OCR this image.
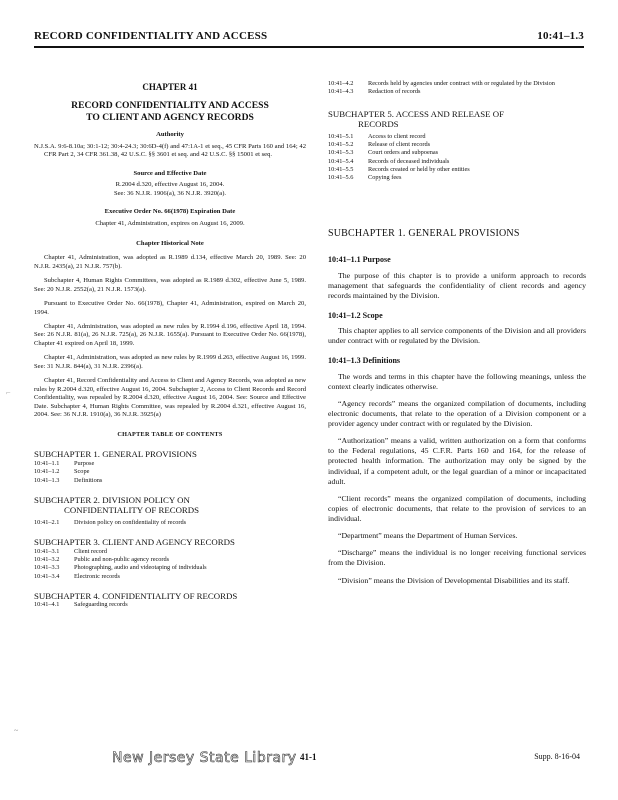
RECORD CONFIDENTIALITY AND ACCESS	10:41–1.3
CHAPTER 41
RECORD CONFIDENTIALITY AND ACCESS
TO CLIENT AND AGENCY RECORDS
Authority
N.J.S.A. 9:6-8.10a; 30:1-12; 30:4-24.3; 30:6D-4(f) and 47:1A-1 et seq., 45 CFR Parts 160 and 164; 42 CFR Part 2, 34 CFR 361.38, 42 U.S.C. §§ 3601 et seq. and 42 U.S.C. §§ 15001 et seq.
Source and Effective Date
R.2004 d.320, effective August 16, 2004.
See: 36 N.J.R. 1906(a), 36 N.J.R. 3920(a).
Executive Order No. 66(1978) Expiration Date
Chapter 41, Administration, expires on August 16, 2009.
Chapter Historical Note
Chapter 41, Administration, was adopted as R.1989 d.134, effective March 20, 1989. See: 20 N.J.R. 2435(a), 21 N.J.R. 757(b).
Subchapter 4, Human Rights Committees, was adopted as R.1989 d.302, effective June 5, 1989. See: 20 N.J.R. 2552(a), 21 N.J.R. 1573(a).
Pursuant to Executive Order No. 66(1978), Chapter 41, Administration, expired on March 20, 1994.
Chapter 41, Administration, was adopted as new rules by R.1994 d.196, effective April 18, 1994. See: 26 N.J.R. 81(a), 26 N.J.R. 725(a), 26 N.J.R. 1655(a). Pursuant to Executive Order No. 66(1978), Chapter 41 expired on April 18, 1999.
Chapter 41, Administration, was adopted as new rules by R.1999 d.263, effective August 16, 1999. See: 31 N.J.R. 844(a), 31 N.J.R. 2396(a).
Chapter 41, Record Confidentiality and Access to Client and Agency Records, was adopted as new rules by R.2004 d.320, effective August 16, 2004. Subchapter 2, Access to Client Records and Record Confidentiality, was repealed by R.2004 d.320, effective August 16, 2004. See: Source and Effective Date. Subchapter 4, Human Rights Committee, was repealed by R.2004 d.321, effective August 16, 2004. See: 36 N.J.R. 1910(a), 36 N.J.R. 3925(a)
CHAPTER TABLE OF CONTENTS
SUBCHAPTER 1. GENERAL PROVISIONS
10:41–1.1	Purpose
10:41–1.2	Scope
10:41–1.3	Definitions
SUBCHAPTER 2. DIVISION POLICY ON
CONFIDENTIALITY OF RECORDS
10:41–2.1	Division policy on confidentiality of records
SUBCHAPTER 3. CLIENT AND AGENCY RECORDS
10:41–3.1	Client record
10:41–3.2	Public and non-public agency records
10:41–3.3	Photographing, audio and videotaping of individuals
10:41–3.4	Electronic records
SUBCHAPTER 4. CONFIDENTIALITY OF RECORDS
10:41–4.1	Safeguarding records
10:41–4.2	Records held by agencies under contract with or regulated by the Division
10:41–4.3	Redaction of records
SUBCHAPTER 5. ACCESS AND RELEASE OF
RECORDS
10:41–5.1	Access to client record
10:41–5.2	Release of client records
10:41–5.3	Court orders and subpoenas
10:41–5.4	Records of deceased individuals
10:41–5.5	Records created or held by other entities
10:41–5.6	Copying fees
SUBCHAPTER 1. GENERAL PROVISIONS
10:41–1.1 Purpose
The purpose of this chapter is to provide a uniform approach to records management that safeguards the confidentiality of client records and agency records maintained by the Division.
10:41–1.2 Scope
This chapter applies to all service components of the Division and all providers under contract with or regulated by the Division.
10:41–1.3 Definitions
The words and terms in this chapter have the following meanings, unless the context clearly indicates otherwise.
“Agency records” means the organized compilation of documents, including electronic documents, that relate to the operation of a Division component or a provider agency under contract with or regulated by the Division.
“Authorization” means a valid, written authorization on a form that conforms to the Federal regulations, 45 C.F.R. Parts 160 and 164, for the release of protected health information. The authorization may only be signed by the individual, if a competent adult, or the legal guardian of a minor or incapacitated adult.
“Client records” means the organized compilation of documents, including copies of electronic documents, that relate to the provision of services to an individual.
“Department” means the Department of Human Services.
“Discharge” means the individual is no longer receiving functional services from the Division.
“Division” means the Division of Developmental Disabilities and its staff.
⌐
~
New Jersey State Library 41-1	Supp. 8-16-04
